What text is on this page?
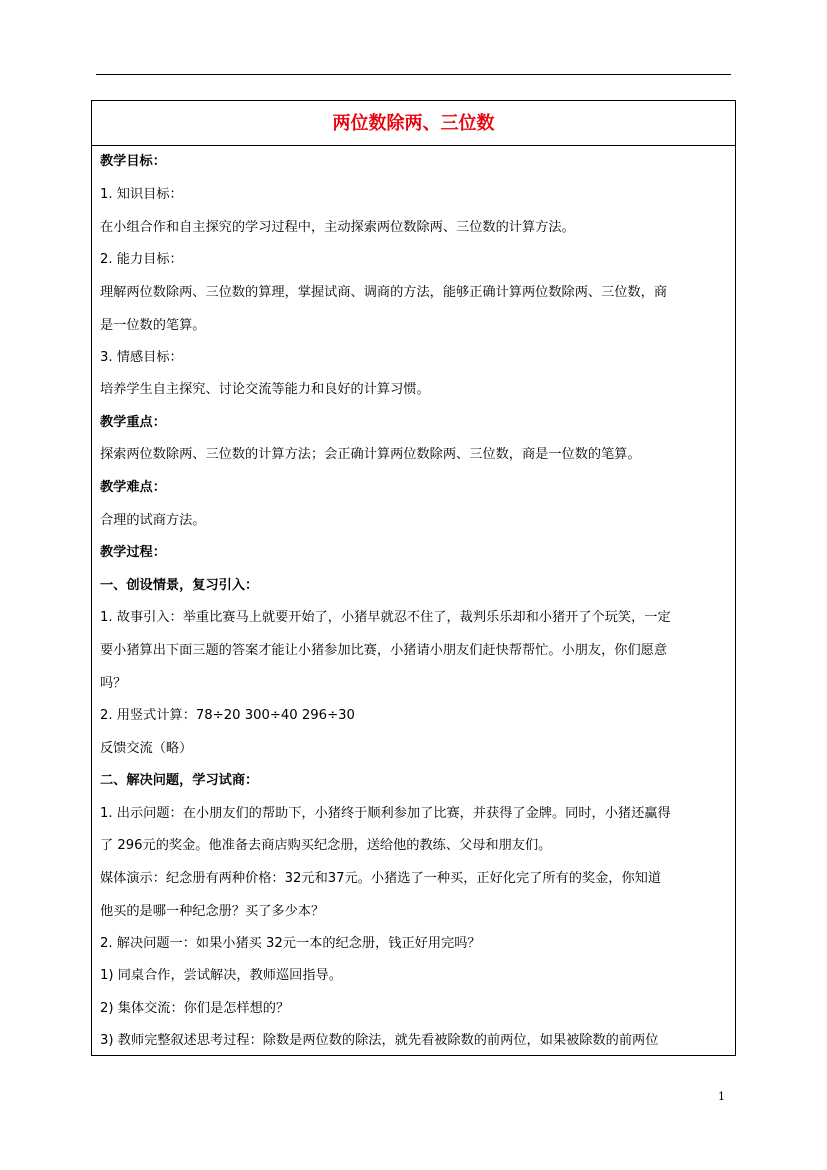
两位数除两、三位数

教学目标：

1. 知识目标：

在小组合作和自主探究的学习过程中，主动探索两位数除两、三位数的计算方法。

2. 能力目标：

理解两位数除两、三位数的算理，掌握试商、调商的方法，能够正确计算两位数除两、三位数，商

是一位数的笔算。

3. 情感目标：

培养学生自主探究、讨论交流等能力和良好的计算习惯。

教学重点：

探索两位数除两、三位数的计算方法；会正确计算两位数除两、三位数，商是一位数的笔算。

教学难点：

合理的试商方法。

教学过程：

一、创设情景，复习引入：

1. 故事引入：举重比赛马上就要开始了，小猪早就忍不住了，裁判乐乐却和小猪开了个玩笑，一定

要小猪算出下面三题的答案才能让小猪参加比赛，小猪请小朋友们赶快帮帮忙。小朋友，你们愿意

吗？

2. 用竖式计算：78÷20 300÷40 296÷30

反馈交流（略）

二、解决问题，学习试商：

1. 出示问题：在小朋友们的帮助下，小猪终于顺利参加了比赛，并获得了金牌。同时，小猪还赢得

了 296元的奖金。他准备去商店购买纪念册，送给他的教练、父母和朋友们。

媒体演示：纪念册有两种价格：32元和37元。小猪选了一种买，正好化完了所有的奖金，你知道

他买的是哪一种纪念册？买了多少本？

2. 解决问题一：如果小猪买 32元一本的纪念册，钱正好用完吗？

1) 同桌合作，尝试解决，教师巡回指导。

2) 集体交流：你们是怎样想的？

3) 教师完整叙述思考过程：除数是两位数的除法，就先看被除数的前两位，如果被除数的前两位

1
